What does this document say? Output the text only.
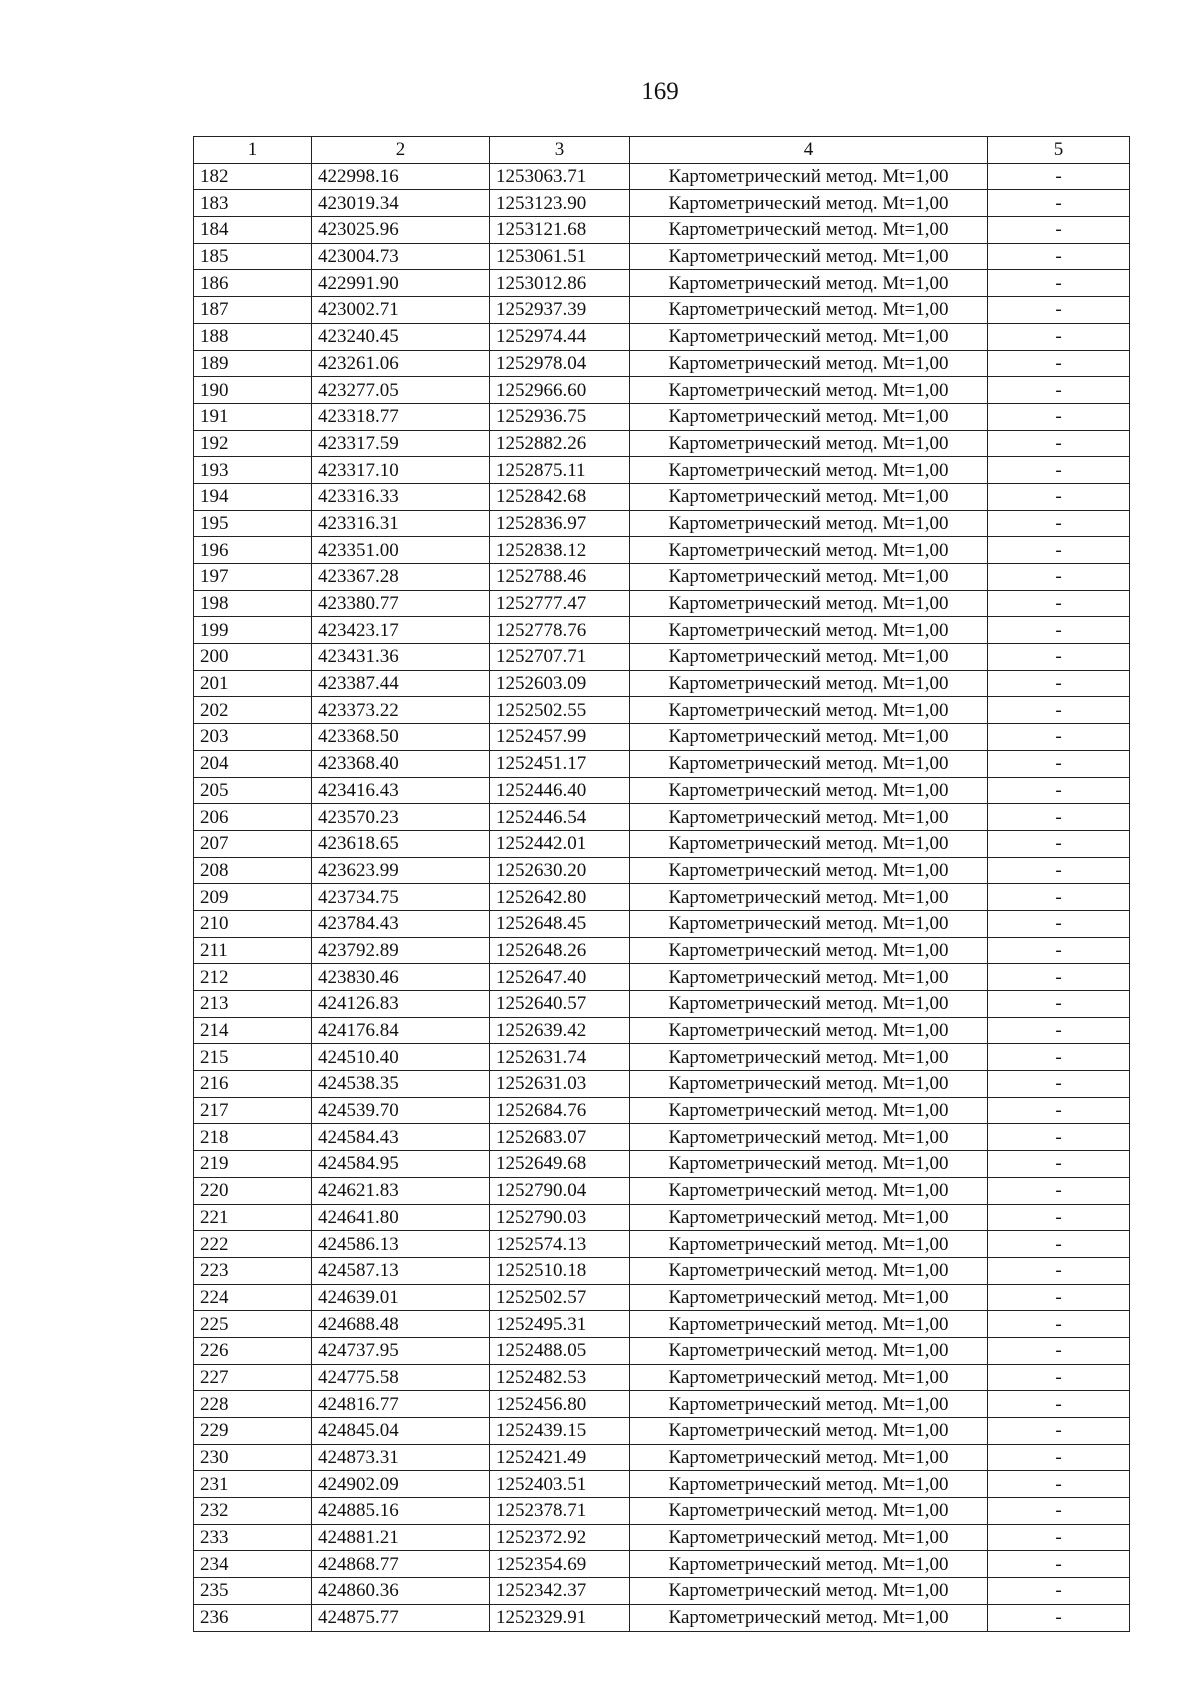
169
1	2	3	4	5
182	422998.16	1253063.71	Картометрический метод. Mt=1,00	-
183	423019.34	1253123.90	Картометрический метод. Mt=1,00	-
184	423025.96	1253121.68	Картометрический метод. Mt=1,00	-
185	423004.73	1253061.51	Картометрический метод. Mt=1,00	-
186	422991.90	1253012.86	Картометрический метод. Mt=1,00	-
187	423002.71	1252937.39	Картометрический метод. Mt=1,00	-
188	423240.45	1252974.44	Картометрический метод. Mt=1,00	-
189	423261.06	1252978.04	Картометрический метод. Mt=1,00	-
190	423277.05	1252966.60	Картометрический метод. Mt=1,00	-
191	423318.77	1252936.75	Картометрический метод. Mt=1,00	-
192	423317.59	1252882.26	Картометрический метод. Mt=1,00	-
193	423317.10	1252875.11	Картометрический метод. Mt=1,00	-
194	423316.33	1252842.68	Картометрический метод. Mt=1,00	-
195	423316.31	1252836.97	Картометрический метод. Mt=1,00	-
196	423351.00	1252838.12	Картометрический метод. Mt=1,00	-
197	423367.28	1252788.46	Картометрический метод. Mt=1,00	-
198	423380.77	1252777.47	Картометрический метод. Mt=1,00	-
199	423423.17	1252778.76	Картометрический метод. Mt=1,00	-
200	423431.36	1252707.71	Картометрический метод. Mt=1,00	-
201	423387.44	1252603.09	Картометрический метод. Mt=1,00	-
202	423373.22	1252502.55	Картометрический метод. Mt=1,00	-
203	423368.50	1252457.99	Картометрический метод. Mt=1,00	-
204	423368.40	1252451.17	Картометрический метод. Mt=1,00	-
205	423416.43	1252446.40	Картометрический метод. Mt=1,00	-
206	423570.23	1252446.54	Картометрический метод. Mt=1,00	-
207	423618.65	1252442.01	Картометрический метод. Mt=1,00	-
208	423623.99	1252630.20	Картометрический метод. Mt=1,00	-
209	423734.75	1252642.80	Картометрический метод. Mt=1,00	-
210	423784.43	1252648.45	Картометрический метод. Mt=1,00	-
211	423792.89	1252648.26	Картометрический метод. Mt=1,00	-
212	423830.46	1252647.40	Картометрический метод. Mt=1,00	-
213	424126.83	1252640.57	Картометрический метод. Mt=1,00	-
214	424176.84	1252639.42	Картометрический метод. Mt=1,00	-
215	424510.40	1252631.74	Картометрический метод. Mt=1,00	-
216	424538.35	1252631.03	Картометрический метод. Mt=1,00	-
217	424539.70	1252684.76	Картометрический метод. Mt=1,00	-
218	424584.43	1252683.07	Картометрический метод. Mt=1,00	-
219	424584.95	1252649.68	Картометрический метод. Mt=1,00	-
220	424621.83	1252790.04	Картометрический метод. Mt=1,00	-
221	424641.80	1252790.03	Картометрический метод. Mt=1,00	-
222	424586.13	1252574.13	Картометрический метод. Mt=1,00	-
223	424587.13	1252510.18	Картометрический метод. Mt=1,00	-
224	424639.01	1252502.57	Картометрический метод. Mt=1,00	-
225	424688.48	1252495.31	Картометрический метод. Mt=1,00	-
226	424737.95	1252488.05	Картометрический метод. Mt=1,00	-
227	424775.58	1252482.53	Картометрический метод. Mt=1,00	-
228	424816.77	1252456.80	Картометрический метод. Mt=1,00	-
229	424845.04	1252439.15	Картометрический метод. Mt=1,00	-
230	424873.31	1252421.49	Картометрический метод. Mt=1,00	-
231	424902.09	1252403.51	Картометрический метод. Mt=1,00	-
232	424885.16	1252378.71	Картометрический метод. Mt=1,00	-
233	424881.21	1252372.92	Картометрический метод. Mt=1,00	-
234	424868.77	1252354.69	Картометрический метод. Mt=1,00	-
235	424860.36	1252342.37	Картометрический метод. Mt=1,00	-
236	424875.77	1252329.91	Картометрический метод. Mt=1,00	-
